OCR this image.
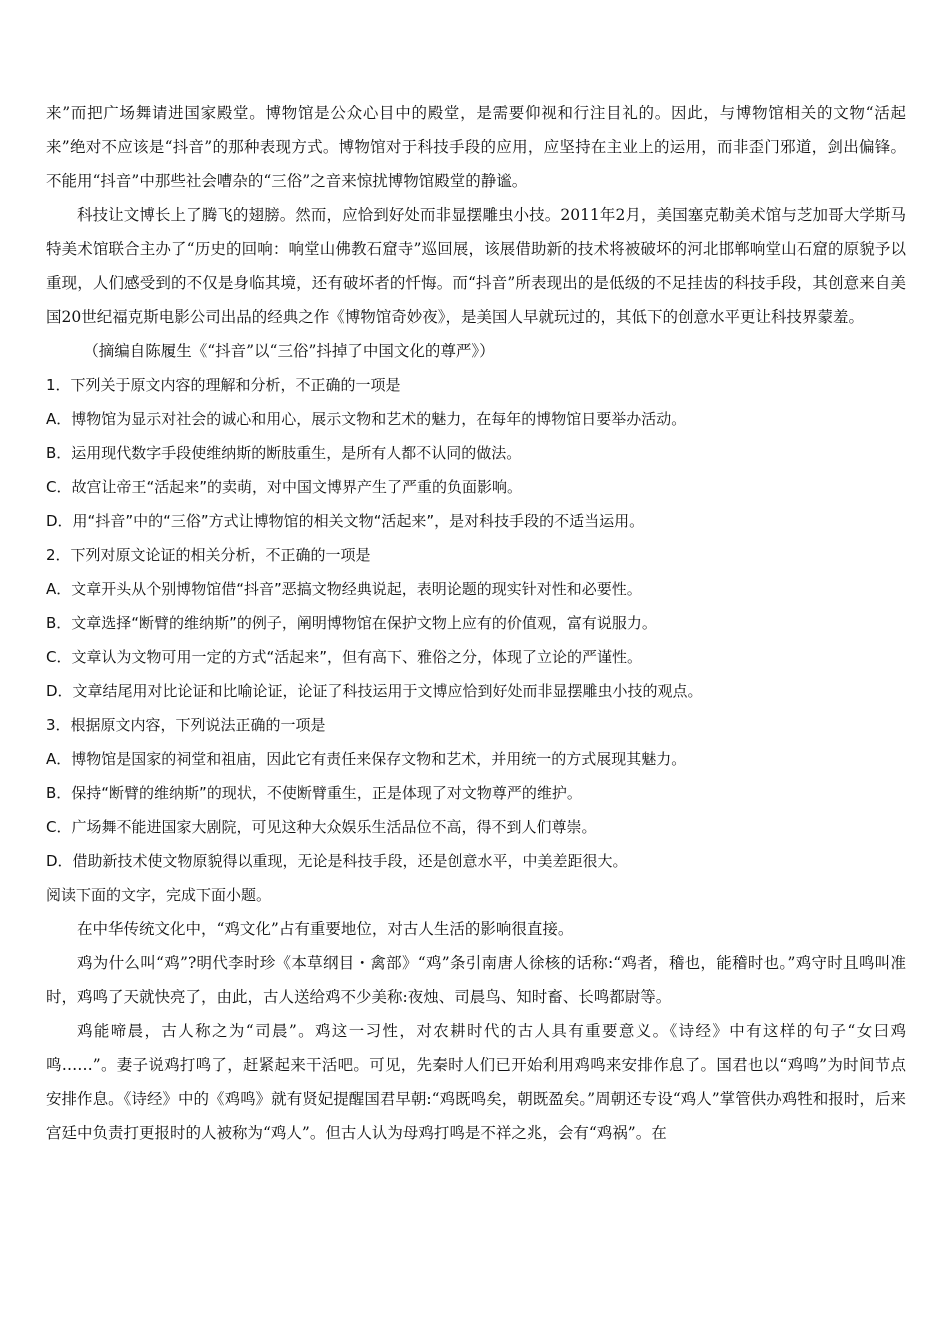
来”而把广场舞请进国家殿堂。博物馆是公众心目中的殿堂，是需要仰视和行注目礼的。因此，与博物馆相关的文物“活起来”绝对不应该是“抖音”的那种表现方式。博物馆对于科技手段的应用，应坚持在主业上的运用，而非歪门邪道，剑出偏锋。不能用“抖音”中那些社会嘈杂的“三俗”之音来惊扰博物馆殿堂的静谧。

科技让文博长上了腾飞的翅膀。然而，应恰到好处而非显摆雕虫小技。2011年2月，美国塞克勒美术馆与芝加哥大学斯马特美术馆联合主办了“历史的回响：响堂山佛教石窟寺”巡回展，该展借助新的技术将被破坏的河北邯郸响堂山石窟的原貌予以重现，人们感受到的不仅是身临其境，还有破坏者的忏悔。而“抖音”所表现出的是低级的不足挂齿的科技手段，其创意来自美国20世纪福克斯电影公司出品的经典之作《博物馆奇妙夜》，是美国人早就玩过的，其低下的创意水平更让科技界蒙羞。

（摘编自陈履生《“抖音”以“三俗”抖掉了中国文化的尊严》）

1．下列关于原文内容的理解和分析，不正确的一项是

A．博物馆为显示对社会的诚心和用心，展示文物和艺术的魅力，在每年的博物馆日要举办活动。

B．运用现代数字手段使维纳斯的断肢重生，是所有人都不认同的做法。

C．故宫让帝王“活起来”的卖萌，对中国文博界产生了严重的负面影响。

D．用“抖音”中的“三俗”方式让博物馆的相关文物“活起来”，是对科技手段的不适当运用。

2．下列对原文论证的相关分析，不正确的一项是

A．文章开头从个别博物馆借“抖音”恶搞文物经典说起，表明论题的现实针对性和必要性。

B．文章选择“断臂的维纳斯”的例子，阐明博物馆在保护文物上应有的价值观，富有说服力。

C．文章认为文物可用一定的方式“活起来”，但有高下、雅俗之分，体现了立论的严谨性。

D．文章结尾用对比论证和比喻论证，论证了科技运用于文博应恰到好处而非显摆雕虫小技的观点。

3．根据原文内容，下列说法正确的一项是

A．博物馆是国家的祠堂和祖庙，因此它有责任来保存文物和艺术，并用统一的方式展现其魅力。

B．保持“断臂的维纳斯”的现状，不使断臂重生，正是体现了对文物尊严的维护。

C．广场舞不能进国家大剧院，可见这种大众娱乐生活品位不高，得不到人们尊崇。

D．借助新技术使文物原貌得以重现，无论是科技手段，还是创意水平，中美差距很大。

阅读下面的文字，完成下面小题。

在中华传统文化中，“鸡文化”占有重要地位，对古人生活的影响很直接。

鸡为什么叫“鸡”?明代李时珍《本草纲目・禽部》“鸡”条引南唐人徐核的话称:“鸡者，稽也，能稽时也。”鸡守时且鸣叫准时，鸡鸣了天就快亮了，由此，古人送给鸡不少美称:夜烛、司晨鸟、知时畜、长鸣都尉等。

鸡能啼晨，古人称之为“司晨”。鸡这一习性，对农耕时代的古人具有重要意义。《诗经》中有这样的句子“女曰鸡鸣……”。妻子说鸡打鸣了，赶紧起来干活吧。可见，先秦时人们已开始利用鸡鸣来安排作息了。国君也以“鸡鸣”为时间节点安排作息。《诗经》中的《鸡鸣》就有贤妃提醒国君早朝:“鸡既鸣矣，朝既盈矣。”周朝还专设“鸡人”掌管供办鸡牲和报时，后来宫廷中负责打更报时的人被称为“鸡人”。但古人认为母鸡打鸣是不祥之兆，会有“鸡祸”。在
